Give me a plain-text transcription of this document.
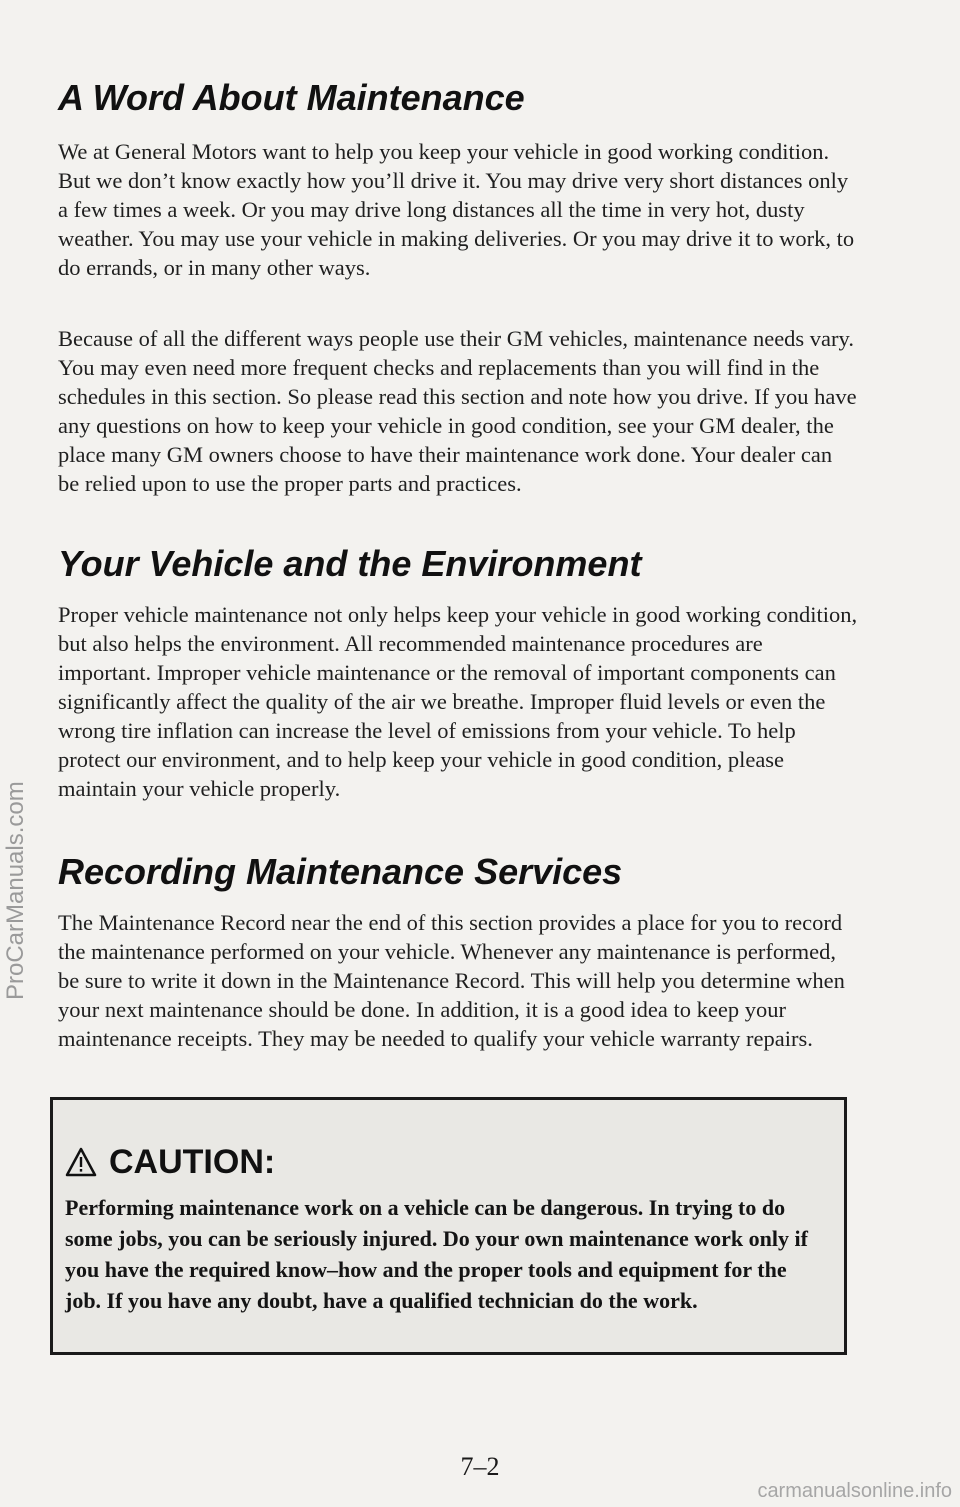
A Word About Maintenance

We at General Motors want to help you keep your vehicle in good working condition. But we don’t know exactly how you’ll drive it. You may drive very short distances only a few times a week. Or you may drive long distances all the time in very hot, dusty weather. You may use your vehicle in making deliveries. Or you may drive it to work, to do errands, or in many other ways.

Because of all the different ways people use their GM vehicles, maintenance needs vary. You may even need more frequent checks and replacements than you will find in the schedules in this section. So please read this section and note how you drive. If you have any questions on how to keep your vehicle in good condition, see your GM dealer, the place many GM owners choose to have their maintenance work done. Your dealer can be relied upon to use the proper parts and practices.

Your Vehicle and the Environment

Proper vehicle maintenance not only helps keep your vehicle in good working condition, but also helps the environment. All recommended maintenance procedures are important. Improper vehicle maintenance or the removal of important components can significantly affect the quality of the air we breathe. Improper fluid levels or even the wrong tire inflation can increase the level of emissions from your vehicle. To help protect our environment, and to help keep your vehicle in good condition, please maintain your vehicle properly.

Recording Maintenance Services

The Maintenance Record near the end of this section provides a place for you to record the maintenance performed on your vehicle. Whenever any maintenance is performed, be sure to write it down in the Maintenance Record. This will help you determine when your next maintenance should be done. In addition, it is a good idea to keep your maintenance receipts. They may be needed to qualify your vehicle warranty repairs.

CAUTION:

Performing maintenance work on a vehicle can be dangerous. In trying to do some jobs, you can be seriously injured. Do your own maintenance work only if you have the required know–how and the proper tools and equipment for the job. If you have any doubt, have a qualified technician do the work.

7–2
ProCarManuals.com
carmanualsonline.info
